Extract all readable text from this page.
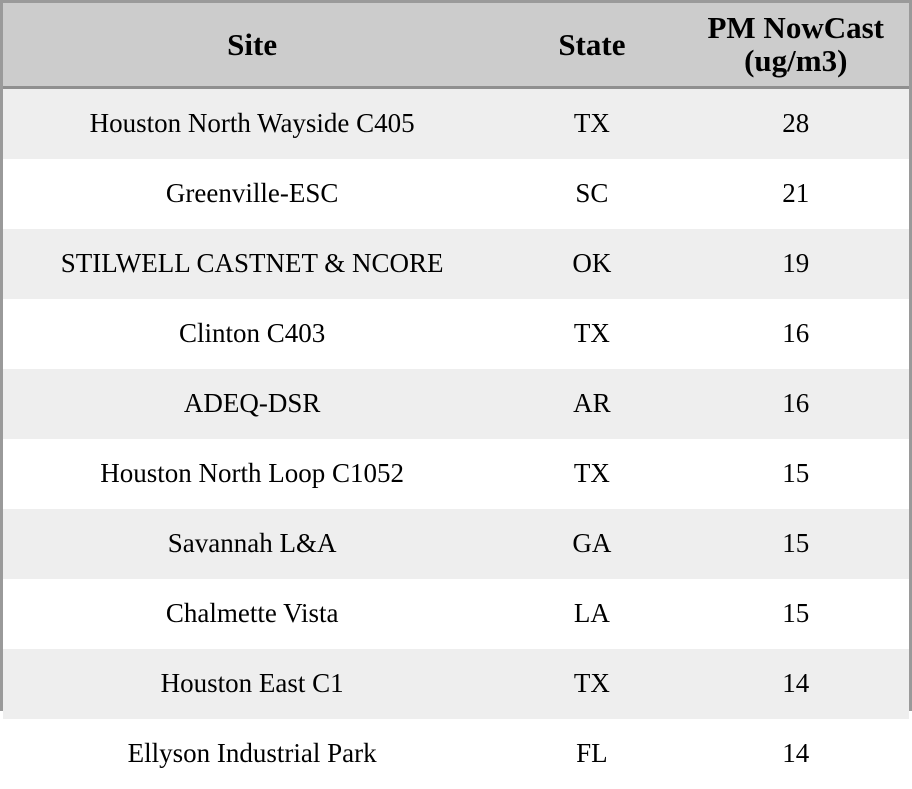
Site	State	PM NowCast (ug/m3)
Houston North Wayside C405	TX	28
Greenville-ESC	SC	21
STILWELL CASTNET & NCORE	OK	19
Clinton C403	TX	16
ADEQ-DSR	AR	16
Houston North Loop C1052	TX	15
Savannah L&A	GA	15
Chalmette Vista	LA	15
Houston East C1	TX	14
Ellyson Industrial Park	FL	14
